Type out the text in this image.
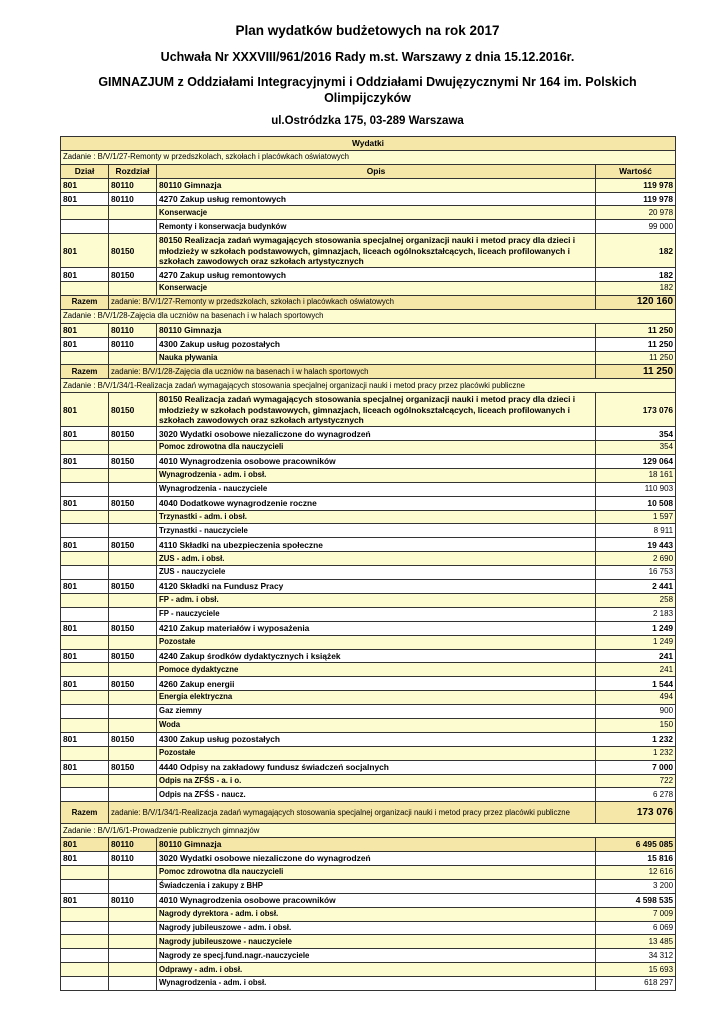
Plan wydatków budżetowych na rok 2017
Uchwała Nr XXXVIII/961/2016 Rady m.st. Warszawy z dnia 15.12.2016r.
GIMNAZJUM z Oddziałami Integracyjnymi i Oddziałami Dwujęzycznymi Nr 164 im. Polskich Olimpijczyków
ul.Ostródzka 175, 03-289 Warszawa
Wydatki			
Zadanie : B/V/1/27-Remonty w przedszkolach, szkołach i placówkach oświatowych			
Dział	Rozdział	Opis	Wartość
801	80110	80110 Gimnazja	119 978
801	80110	4270 Zakup usług remontowych	119 978
		Konserwacje	20 978
		Remonty i konserwacja budynków	99 000
801	80150	80150 Realizacja zadań wymagających stosowania specjalnej organizacji nauki i metod pracy dla dzieci i młodzieży w szkołach podstawowych, gimnazjach, liceach ogólnokształcących, liceach profilowanych i szkołach zawodowych oraz szkołach artystycznych	182
801	80150	4270 Zakup usług remontowych	182
		Konserwacje	182
Razem	zadanie: B/V/1/27-Remonty w przedszkolach, szkołach i placówkach oświatowych		120 160
Zadanie : B/V/1/28-Zajęcia dla uczniów na basenach i w halach sportowych			
801	80110	80110 Gimnazja	11 250
801	80110	4300 Zakup usług pozostałych	11 250
		Nauka pływania	11 250
Razem	zadanie: B/V/1/28-Zajęcia dla uczniów na basenach i w halach sportowych		11 250
Zadanie : B/V/1/34/1-Realizacja zadań wymagających stosowania specjalnej organizacji nauki i metod pracy przez placówki publiczne			
801	80150	80150 Realizacja zadań wymagających stosowania specjalnej organizacji nauki i metod pracy dla dzieci i młodzieży w szkołach podstawowych, gimnazjach, liceach ogólnokształcących, liceach profilowanych i szkołach zawodowych oraz szkołach artystycznych	173 076
801	80150	3020 Wydatki osobowe niezaliczone do wynagrodzeń	354
		Pomoc zdrowotna dla nauczycieli	354
801	80150	4010 Wynagrodzenia osobowe pracowników	129 064
		Wynagrodzenia - adm. i obsł.	18 161
		Wynagrodzenia - nauczyciele	110 903
801	80150	4040 Dodatkowe wynagrodzenie roczne	10 508
		Trzynastki - adm. i obsł.	1 597
		Trzynastki - nauczyciele	8 911
801	80150	4110 Składki na ubezpieczenia społeczne	19 443
		ZUS - adm. i obsł.	2 690
		ZUS - nauczyciele	16 753
801	80150	4120 Składki na Fundusz Pracy	2 441
		FP - adm. i obsł.	258
		FP - nauczyciele	2 183
801	80150	4210 Zakup materiałów i wyposażenia	1 249
		Pozostałe	1 249
801	80150	4240 Zakup środków dydaktycznych i książek	241
		Pomoce dydaktyczne	241
801	80150	4260 Zakup energii	1 544
		Energia elektryczna	494
		Gaz ziemny	900
		Woda	150
801	80150	4300 Zakup usług pozostałych	1 232
		Pozostałe	1 232
801	80150	4440 Odpisy na zakładowy fundusz świadczeń socjalnych	7 000
		Odpis na ZFŚS - a. i o.	722
		Odpis na ZFŚS - naucz.	6 278
Razem	zadanie: B/V/1/34/1-Realizacja zadań wymagających stosowania specjalnej organizacji nauki i metod pracy przez placówki publiczne		173 076
Zadanie : B/V/1/6/1-Prowadzenie publicznych gimnazjów			
801	80110	80110 Gimnazja	6 495 085
801	80110	3020 Wydatki osobowe niezaliczone do wynagrodzeń	15 816
		Pomoc zdrowotna dla nauczycieli	12 616
		Świadczenia i zakupy z BHP	3 200
801	80110	4010 Wynagrodzenia osobowe pracowników	4 598 535
		Nagrody dyrektora - adm. i obsł.	7 009
		Nagrody jubileuszowe - adm. i obsł.	6 069
		Nagrody jubileuszowe - nauczyciele	13 485
		Nagrody ze specj.fund.nagr.-nauczyciele	34 312
		Odprawy - adm. i obsł.	15 693
		Wynagrodzenia - adm. i obsł.	618 297
